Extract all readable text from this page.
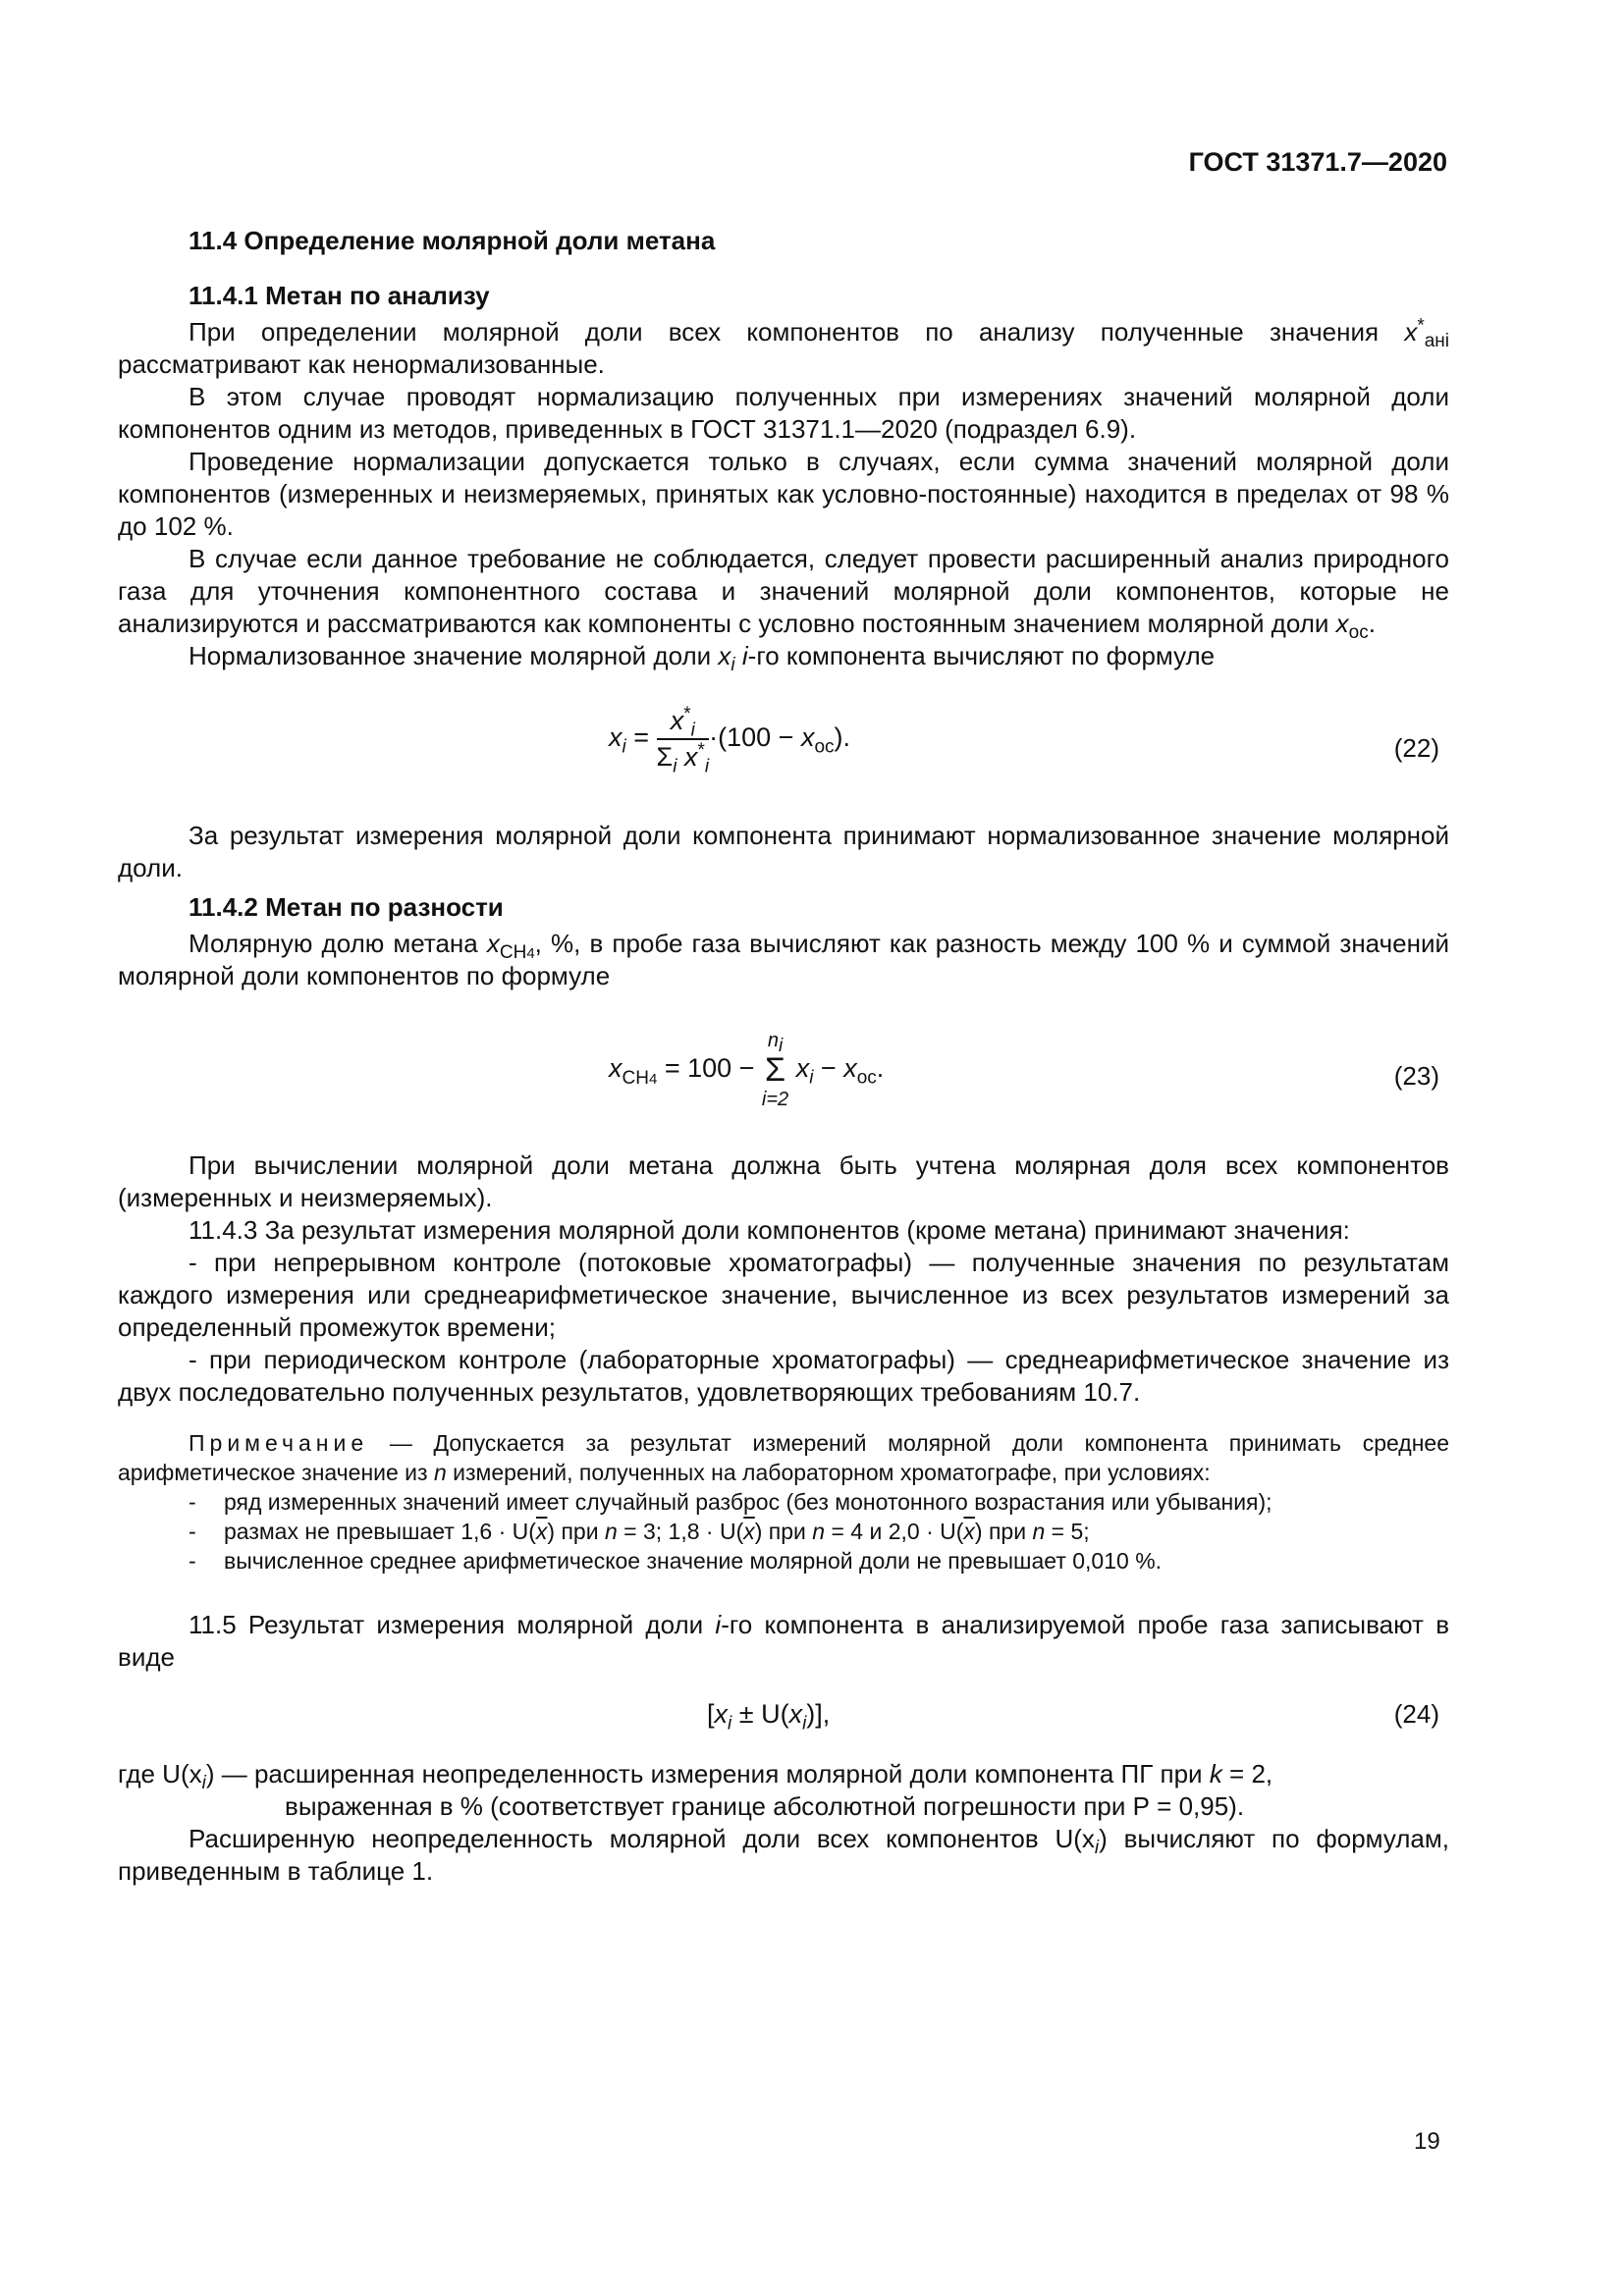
ГОСТ 31371.7—2020
11.4 Определение молярной доли метана
11.4.1 Метан по анализу

При определении молярной доли всех компонентов по анализу полученные значения $x^*_{анi}$ рассматривают как ненормализованные.

В этом случае проводят нормализацию полученных при измерениях значений молярной доли компонентов одним из методов, приведенных в ГОСТ 31371.1—2020 (подраздел 6.9).

Проведение нормализации допускается только в случаях, если сумма значений молярной доли компонентов (измеренных и неизмеряемых, принятых как условно-постоянные) находится в пределах от 98 % до 102 %.

В случае если данное требование не соблюдается, следует провести расширенный анализ природного газа для уточнения компонентного состава и значений молярной доли компонентов, которые не анализируются и рассматриваются как компоненты с условно постоянным значением молярной доли $x_{ос}$.

Нормализованное значение молярной доли $x_i$ i-го компонента вычисляют по формуле

$x_i = \frac{x^*_i}{\Sigma_i x^*_i} \cdot(100 - x_{ос})$.	(22)

За результат измерения молярной доли компонента принимают нормализованное значение молярной доли.

11.4.2 Метан по разности

Молярную долю метана $x_{CH4}$, %, в пробе газа вычисляют как разность между 100 % и суммой значений молярной доли компонентов по формуле

$x_{CH4} = 100$ −
$n_i$
Σ
i=2
$x_i - x_{ос}$.	(23)

При вычислении молярной доли метана должна быть учтена молярная доля всех компонентов (измеренных и неизмеряемых).

11.4.3 За результат измерения молярной доли компонентов (кроме метана) принимают значения:

- при непрерывном контроле (потоковые хроматографы) — полученные значения по результатам каждого измерения или среднеарифметическое значение, вычисленное из всех результатов измерений за определенный промежуток времени;

- при периодическом контроле (лабораторные хроматографы) — среднеарифметическое значение из двух последовательно полученных результатов, удовлетворяющих требованиям 10.7.

Примечание — Допускается за результат измерений молярной доли компонента принимать среднее арифметическое значение из n измерений, полученных на лабораторном хроматографе, при условиях:

-	ряд измеренных значений имеет случайный разброс (без монотонного возрастания или убывания);
-	размах не превышает $1,6 \cdot U(\overline{x})$ при n = 3; $1,8 \cdot U(\overline{x})$ при n = 4 и $2,0 \cdot U(\overline{x})$ при n = 5;
-	вычисленное среднее арифметическое значение молярной доли не превышает 0,010 %.

11.5 Результат измерения молярной доли i-го компонента в анализируемой пробе газа записывают в виде

$[x_i \pm U(x_i)]$,	(24)

где $U(x_i)$ — расширенная неопределенность измерения молярной доли компонента ПГ при k = 2,

выраженная в % (соответствует границе абсолютной погрешности при Р = 0,95).

Расширенную неопределенность молярной доли всех компонентов $U(x_i)$ вычисляют по формулам, приведенным в таблице 1.

19
